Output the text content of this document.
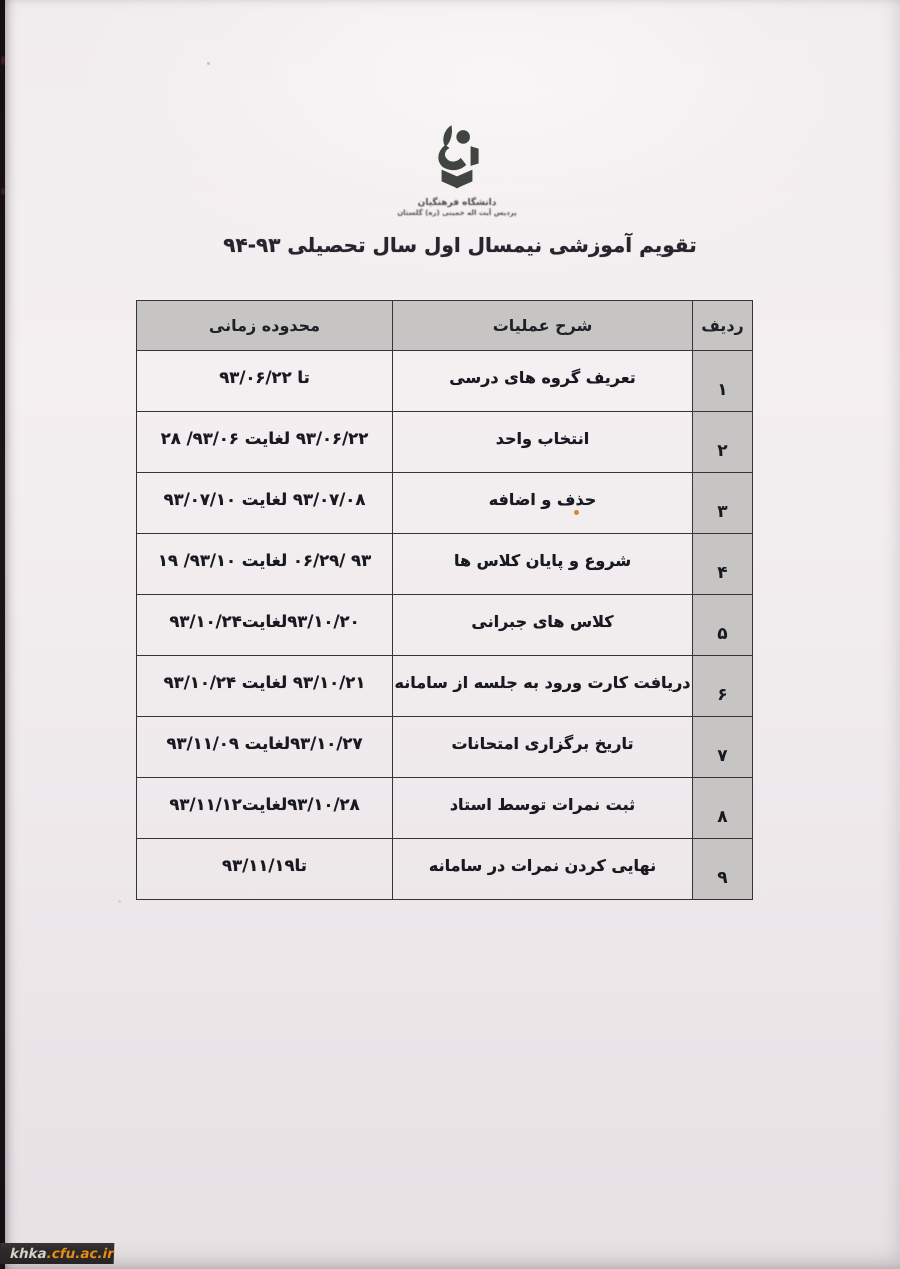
دانشگاه فرهنگیان
پردیس آیت اله خمینی (ره) گلستان
تقویم آموزشی نیمسال اول سال تحصیلی ۹۳-۹۴
ردیف	شرح عملیات	محدوده زمانی
۱	تعریف گروه های درسی	تا ۹۳/۰۶/۲۲
۲	انتخاب واحد	۹۳/۰۶/۲۲ لغایت ۹۳/۰۶/ ۲۸
۳	حذف و اضافه	۹۳/۰۷/۰۸ لغایت ۹۳/۰۷/۱۰
۴	شروع و پایان کلاس ها	۹۳ /۰۶/۲۹ لغایت ۹۳/۱۰/ ۱۹
۵	کلاس های جبرانی	۹۳/۱۰/۲۰لغایت۹۳/۱۰/۲۴
۶	دریافت کارت ورود به جلسه از سامانه	۹۳/۱۰/۲۱ لغایت ۹۳/۱۰/۲۴
۷	تاریخ برگزاری امتحانات	۹۳/۱۰/۲۷لغایت ۹۳/۱۱/۰۹
۸	ثبت نمرات توسط استاد	۹۳/۱۰/۲۸لغایت۹۳/۱۱/۱۲
۹	نهایی کردن نمرات در سامانه	تا۹۳/۱۱/۱۹
khka .cfu.ac.ir
